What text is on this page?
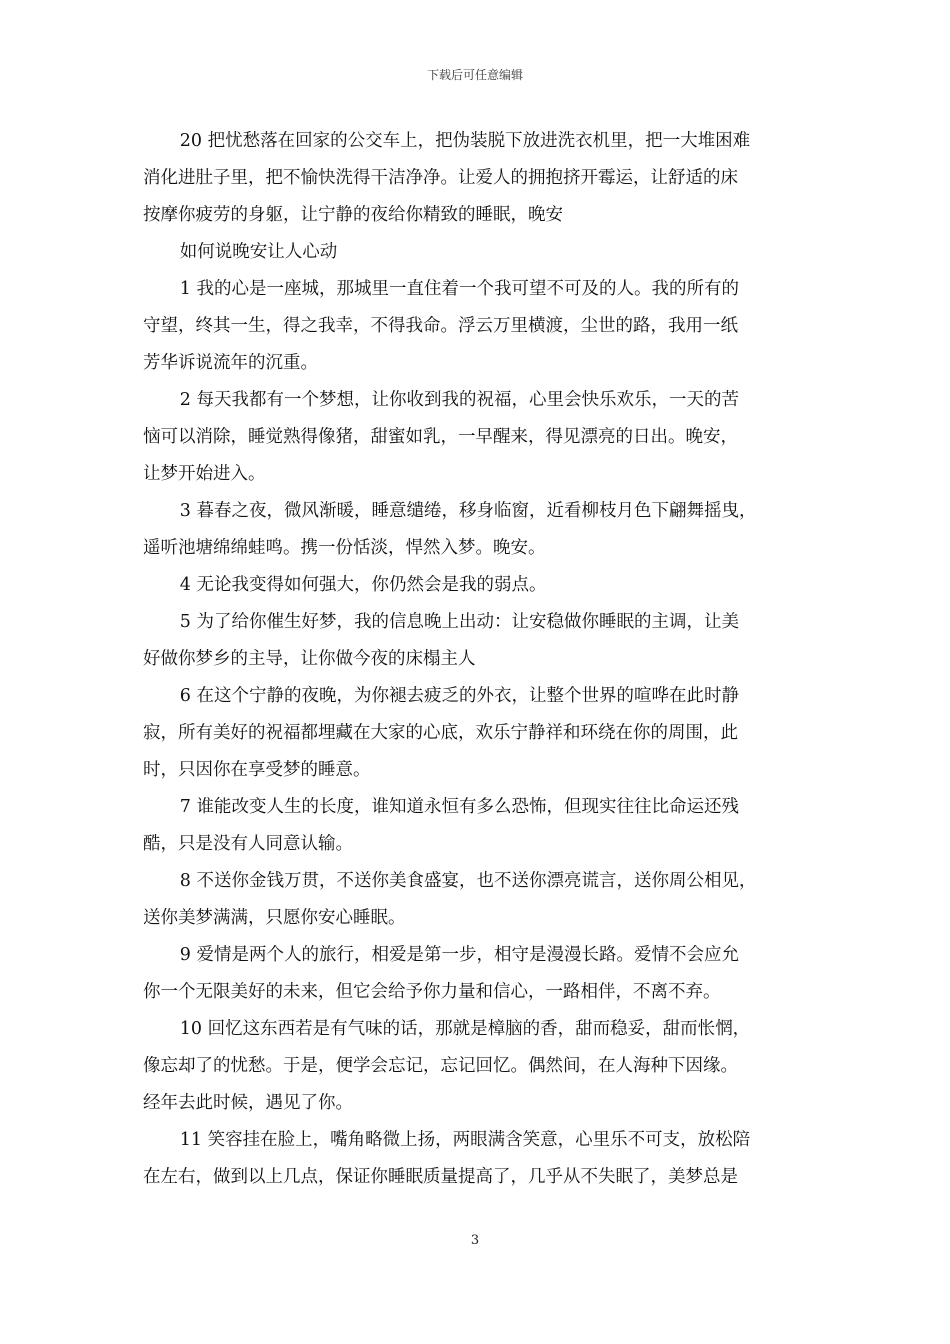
下载后可任意编辑

20 把忧愁落在回家的公交车上，把伪装脱下放进洗衣机里，把一大堆困难
消化进肚子里，把不愉快洗得干洁净净。让爱人的拥抱挤开霉运，让舒适的床
按摩你疲劳的身躯，让宁静的夜给你精致的睡眠，晚安

如何说晚安让人心动

1 我的心是一座城，那城里一直住着一个我可望不可及的人。我的所有的
守望，终其一生，得之我幸，不得我命。浮云万里横渡，尘世的路，我用一纸
芳华诉说流年的沉重。

2 每天我都有一个梦想，让你收到我的祝福，心里会快乐欢乐，一天的苦
恼可以消除，睡觉熟得像猪，甜蜜如乳，一早醒来，得见漂亮的日出。晚安，
让梦开始进入。

3 暮春之夜，微风渐暖，睡意缱绻，移身临窗，近看柳枝月色下翩舞摇曳，
遥听池塘绵绵蛙鸣。携一份恬淡，悍然入梦。晚安。

4 无论我变得如何强大，你仍然会是我的弱点。

5 为了给你催生好梦，我的信息晚上出动：让安稳做你睡眠的主调，让美
好做你梦乡的主导，让你做今夜的床榻主人

6 在这个宁静的夜晚，为你褪去疲乏的外衣，让整个世界的喧哗在此时静
寂，所有美好的祝福都埋藏在大家的心底，欢乐宁静祥和环绕在你的周围，此
时，只因你在享受梦的睡意。

7 谁能改变人生的长度，谁知道永恒有多么恐怖，但现实往往比命运还残
酷，只是没有人同意认输。

8 不送你金钱万贯，不送你美食盛宴，也不送你漂亮谎言，送你周公相见，
送你美梦满满，只愿你安心睡眠。

9 爱情是两个人的旅行，相爱是第一步，相守是漫漫长路。爱情不会应允
你一个无限美好的未来，但它会给予你力量和信心，一路相伴，不离不弃。

10 回忆这东西若是有气味的话，那就是樟脑的香，甜而稳妥，甜而怅惘，
像忘却了的忧愁。于是，便学会忘记，忘记回忆。偶然间，在人海种下因缘。
经年去此时候，遇见了你。

11 笑容挂在脸上，嘴角略微上扬，两眼满含笑意，心里乐不可支，放松陪
在左右，做到以上几点，保证你睡眠质量提高了，几乎从不失眠了，美梦总是

3
